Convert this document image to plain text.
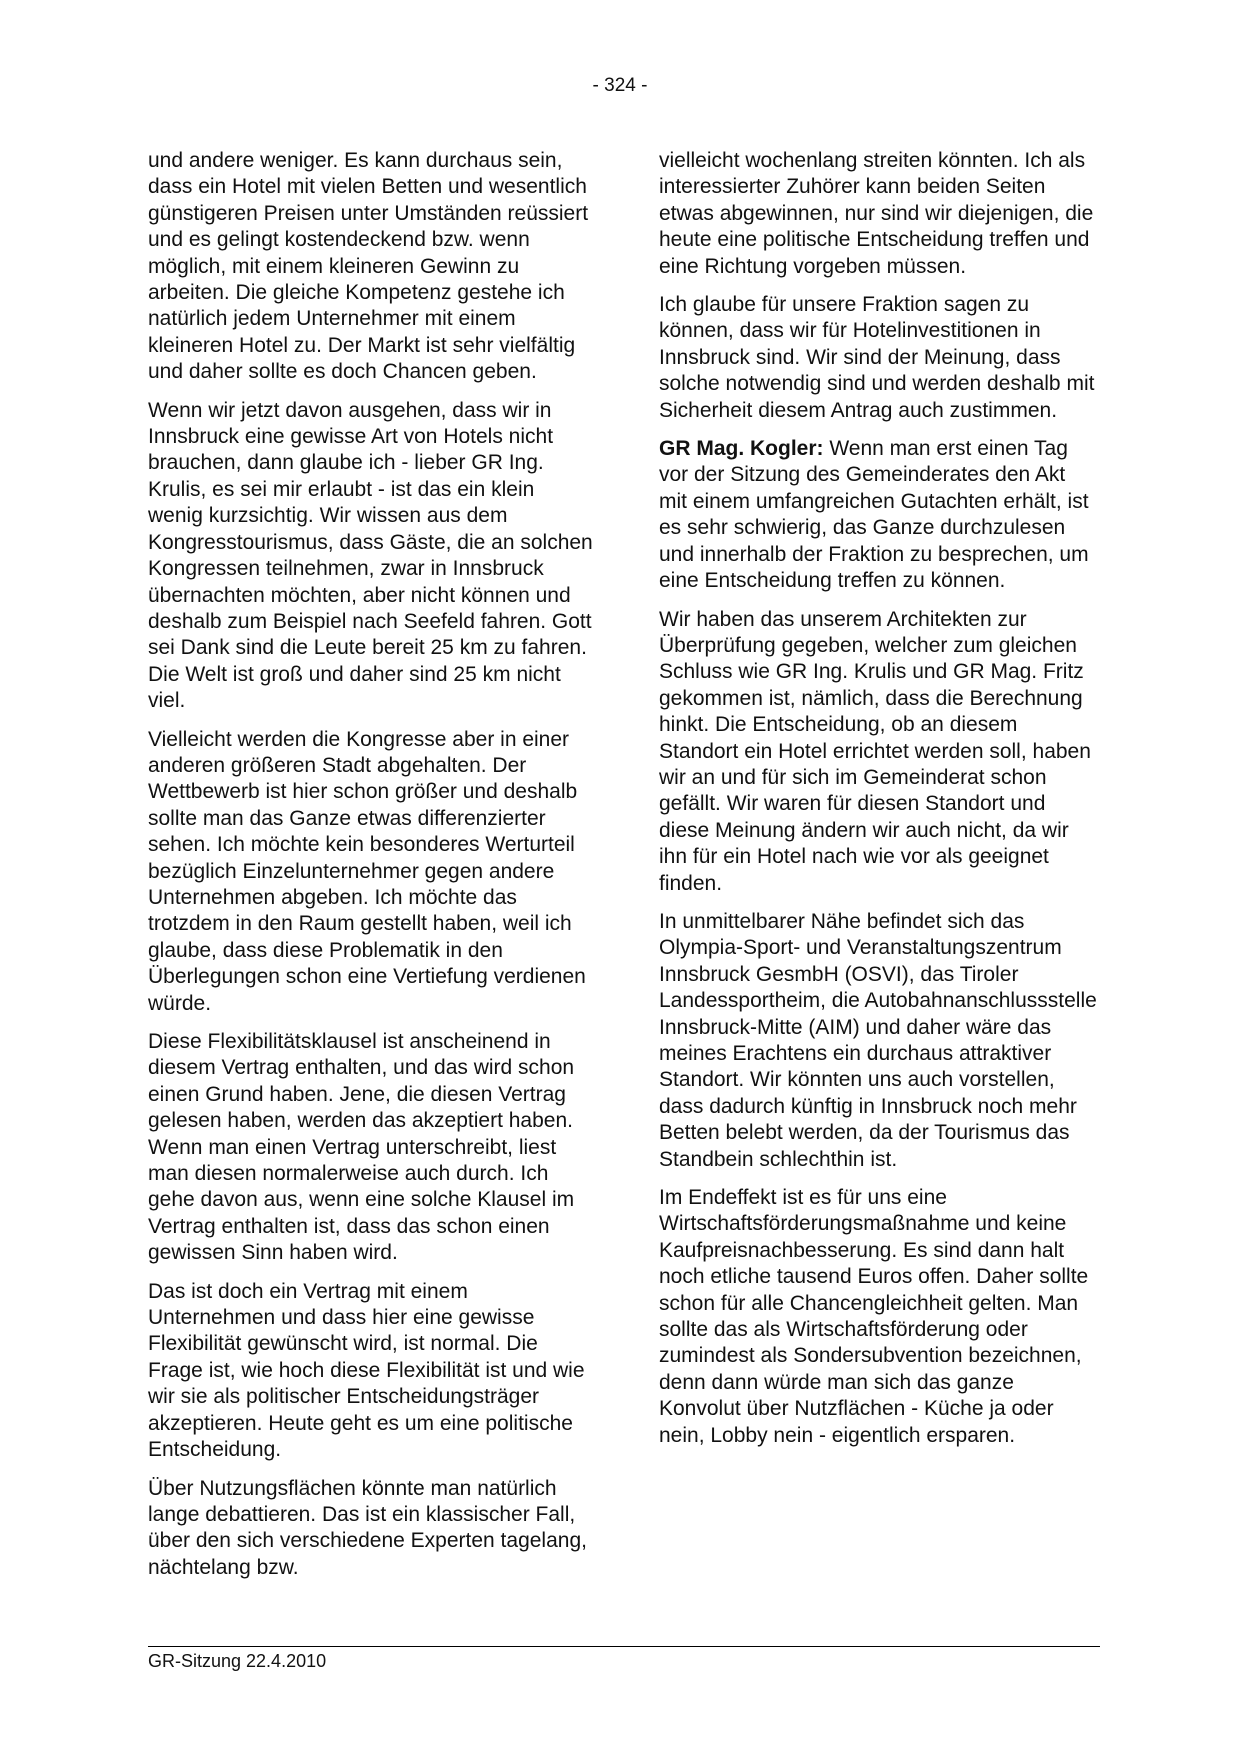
- 324 -

und andere weniger. Es kann durchaus sein, dass ein Hotel mit vielen Betten und wesentlich günstigeren Preisen unter Umständen reüssiert und es gelingt kostendeckend bzw. wenn möglich, mit einem kleineren Gewinn zu arbeiten. Die gleiche Kompetenz gestehe ich natürlich jedem Unternehmer mit einem kleineren Hotel zu. Der Markt ist sehr vielfältig und daher sollte es doch Chancen geben.

Wenn wir jetzt davon ausgehen, dass wir in Innsbruck eine gewisse Art von Hotels nicht brauchen, dann glaube ich - lieber GR Ing. Krulis, es sei mir erlaubt - ist das ein klein wenig kurzsichtig. Wir wissen aus dem Kongresstourismus, dass Gäste, die an solchen Kongressen teilnehmen, zwar in Innsbruck übernachten möchten, aber nicht können und deshalb zum Beispiel nach Seefeld fahren. Gott sei Dank sind die Leute bereit 25 km zu fahren. Die Welt ist groß und daher sind 25 km nicht viel.

Vielleicht werden die Kongresse aber in einer anderen größeren Stadt abgehalten. Der Wettbewerb ist hier schon größer und deshalb sollte man das Ganze etwas differenzierter sehen. Ich möchte kein besonderes Werturteil bezüglich Einzelunternehmer gegen andere Unternehmen abgeben. Ich möchte das trotzdem in den Raum gestellt haben, weil ich glaube, dass diese Problematik in den Überlegungen schon eine Vertiefung verdienen würde.

Diese Flexibilitätsklausel ist anscheinend in diesem Vertrag enthalten, und das wird schon einen Grund haben. Jene, die diesen Vertrag gelesen haben, werden das akzeptiert haben. Wenn man einen Vertrag unterschreibt, liest man diesen normalerweise auch durch. Ich gehe davon aus, wenn eine solche Klausel im Vertrag enthalten ist, dass das schon einen gewissen Sinn haben wird.

Das ist doch ein Vertrag mit einem Unternehmen und dass hier eine gewisse Flexibilität gewünscht wird, ist normal. Die Frage ist, wie hoch diese Flexibilität ist und wie wir sie als politischer Entscheidungsträger akzeptieren. Heute geht es um eine politische Entscheidung.

Über Nutzungsflächen könnte man natürlich lange debattieren. Das ist ein klassischer Fall, über den sich verschiedene Experten tagelang, nächtelang bzw.

vielleicht wochenlang streiten könnten. Ich als interessierter Zuhörer kann beiden Seiten etwas abgewinnen, nur sind wir diejenigen, die heute eine politische Entscheidung treffen und eine Richtung vorgeben müssen.

Ich glaube für unsere Fraktion sagen zu können, dass wir für Hotelinvestitionen in Innsbruck sind. Wir sind der Meinung, dass solche notwendig sind und werden deshalb mit Sicherheit diesem Antrag auch zustimmen.

GR Mag. Kogler: Wenn man erst einen Tag vor der Sitzung des Gemeinderates den Akt mit einem umfangreichen Gutachten erhält, ist es sehr schwierig, das Ganze durchzulesen und innerhalb der Fraktion zu besprechen, um eine Entscheidung treffen zu können.

Wir haben das unserem Architekten zur Überprüfung gegeben, welcher zum gleichen Schluss wie GR Ing. Krulis und GR Mag. Fritz gekommen ist, nämlich, dass die Berechnung hinkt. Die Entscheidung, ob an diesem Standort ein Hotel errichtet werden soll, haben wir an und für sich im Gemeinderat schon gefällt. Wir waren für diesen Standort und diese Meinung ändern wir auch nicht, da wir ihn für ein Hotel nach wie vor als geeignet finden.

In unmittelbarer Nähe befindet sich das Olympia-Sport- und Veranstaltungszentrum Innsbruck GesmbH (OSVI), das Tiroler Landessportheim, die Autobahnanschlussstelle Innsbruck-Mitte (AIM) und daher wäre das meines Erachtens ein durchaus attraktiver Standort. Wir könnten uns auch vorstellen, dass dadurch künftig in Innsbruck noch mehr Betten belebt werden, da der Tourismus das Standbein schlechthin ist.

Im Endeffekt ist es für uns eine Wirtschaftsförderungsmaßnahme und keine Kaufpreisnachbesserung. Es sind dann halt noch etliche tausend Euros offen. Daher sollte schon für alle Chancengleichheit gelten. Man sollte das als Wirtschaftsförderung oder zumindest als Sondersubvention bezeichnen, denn dann würde man sich das ganze Konvolut über Nutzflächen - Küche ja oder nein, Lobby nein - eigentlich ersparen.

GR-Sitzung 22.4.2010
